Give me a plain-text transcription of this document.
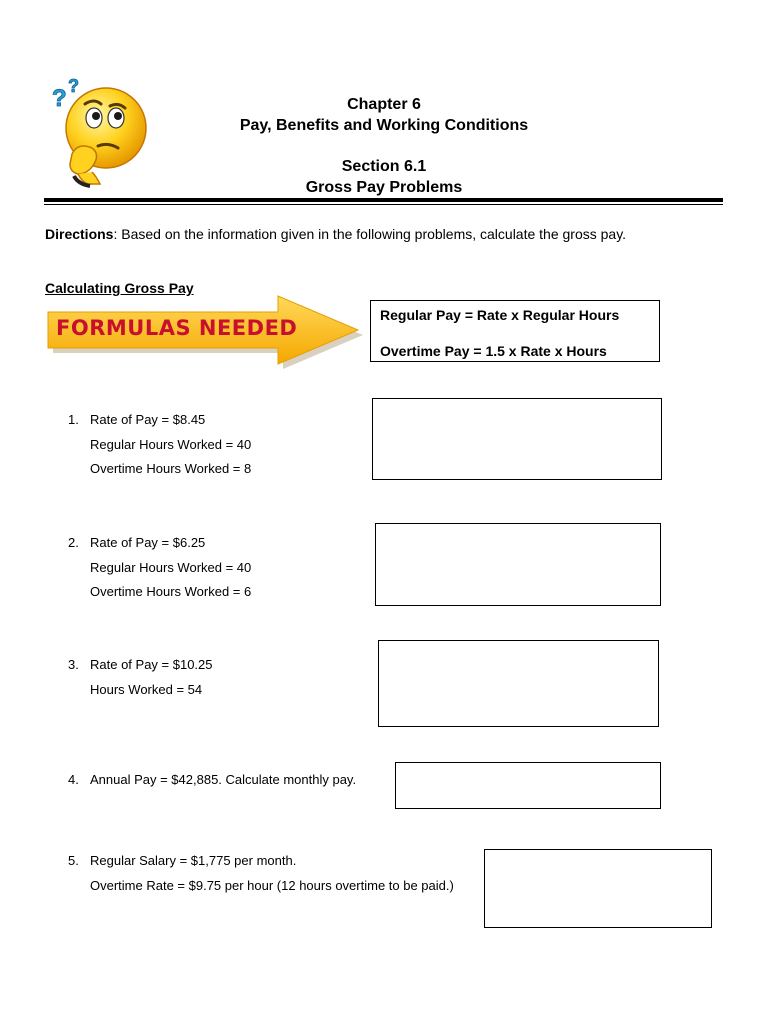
? ?
Chapter 6
Pay, Benefits and Working Conditions
Section 6.1
Gross Pay Problems
Directions: Based on the information given in the following problems, calculate the gross pay.
Calculating Gross Pay
FORMULAS NEEDED
Regular Pay = Rate x Regular Hours
Overtime Pay = 1.5 x Rate x Hours
1. Rate of Pay = $8.45
Regular Hours Worked = 40
Overtime Hours Worked = 8
2. Rate of Pay = $6.25
Regular Hours Worked = 40
Overtime Hours Worked = 6
3. Rate of Pay = $10.25
Hours Worked = 54
4. Annual Pay = $42,885. Calculate monthly pay.
5. Regular Salary = $1,775 per month.
Overtime Rate = $9.75 per hour (12 hours overtime to be paid.)
